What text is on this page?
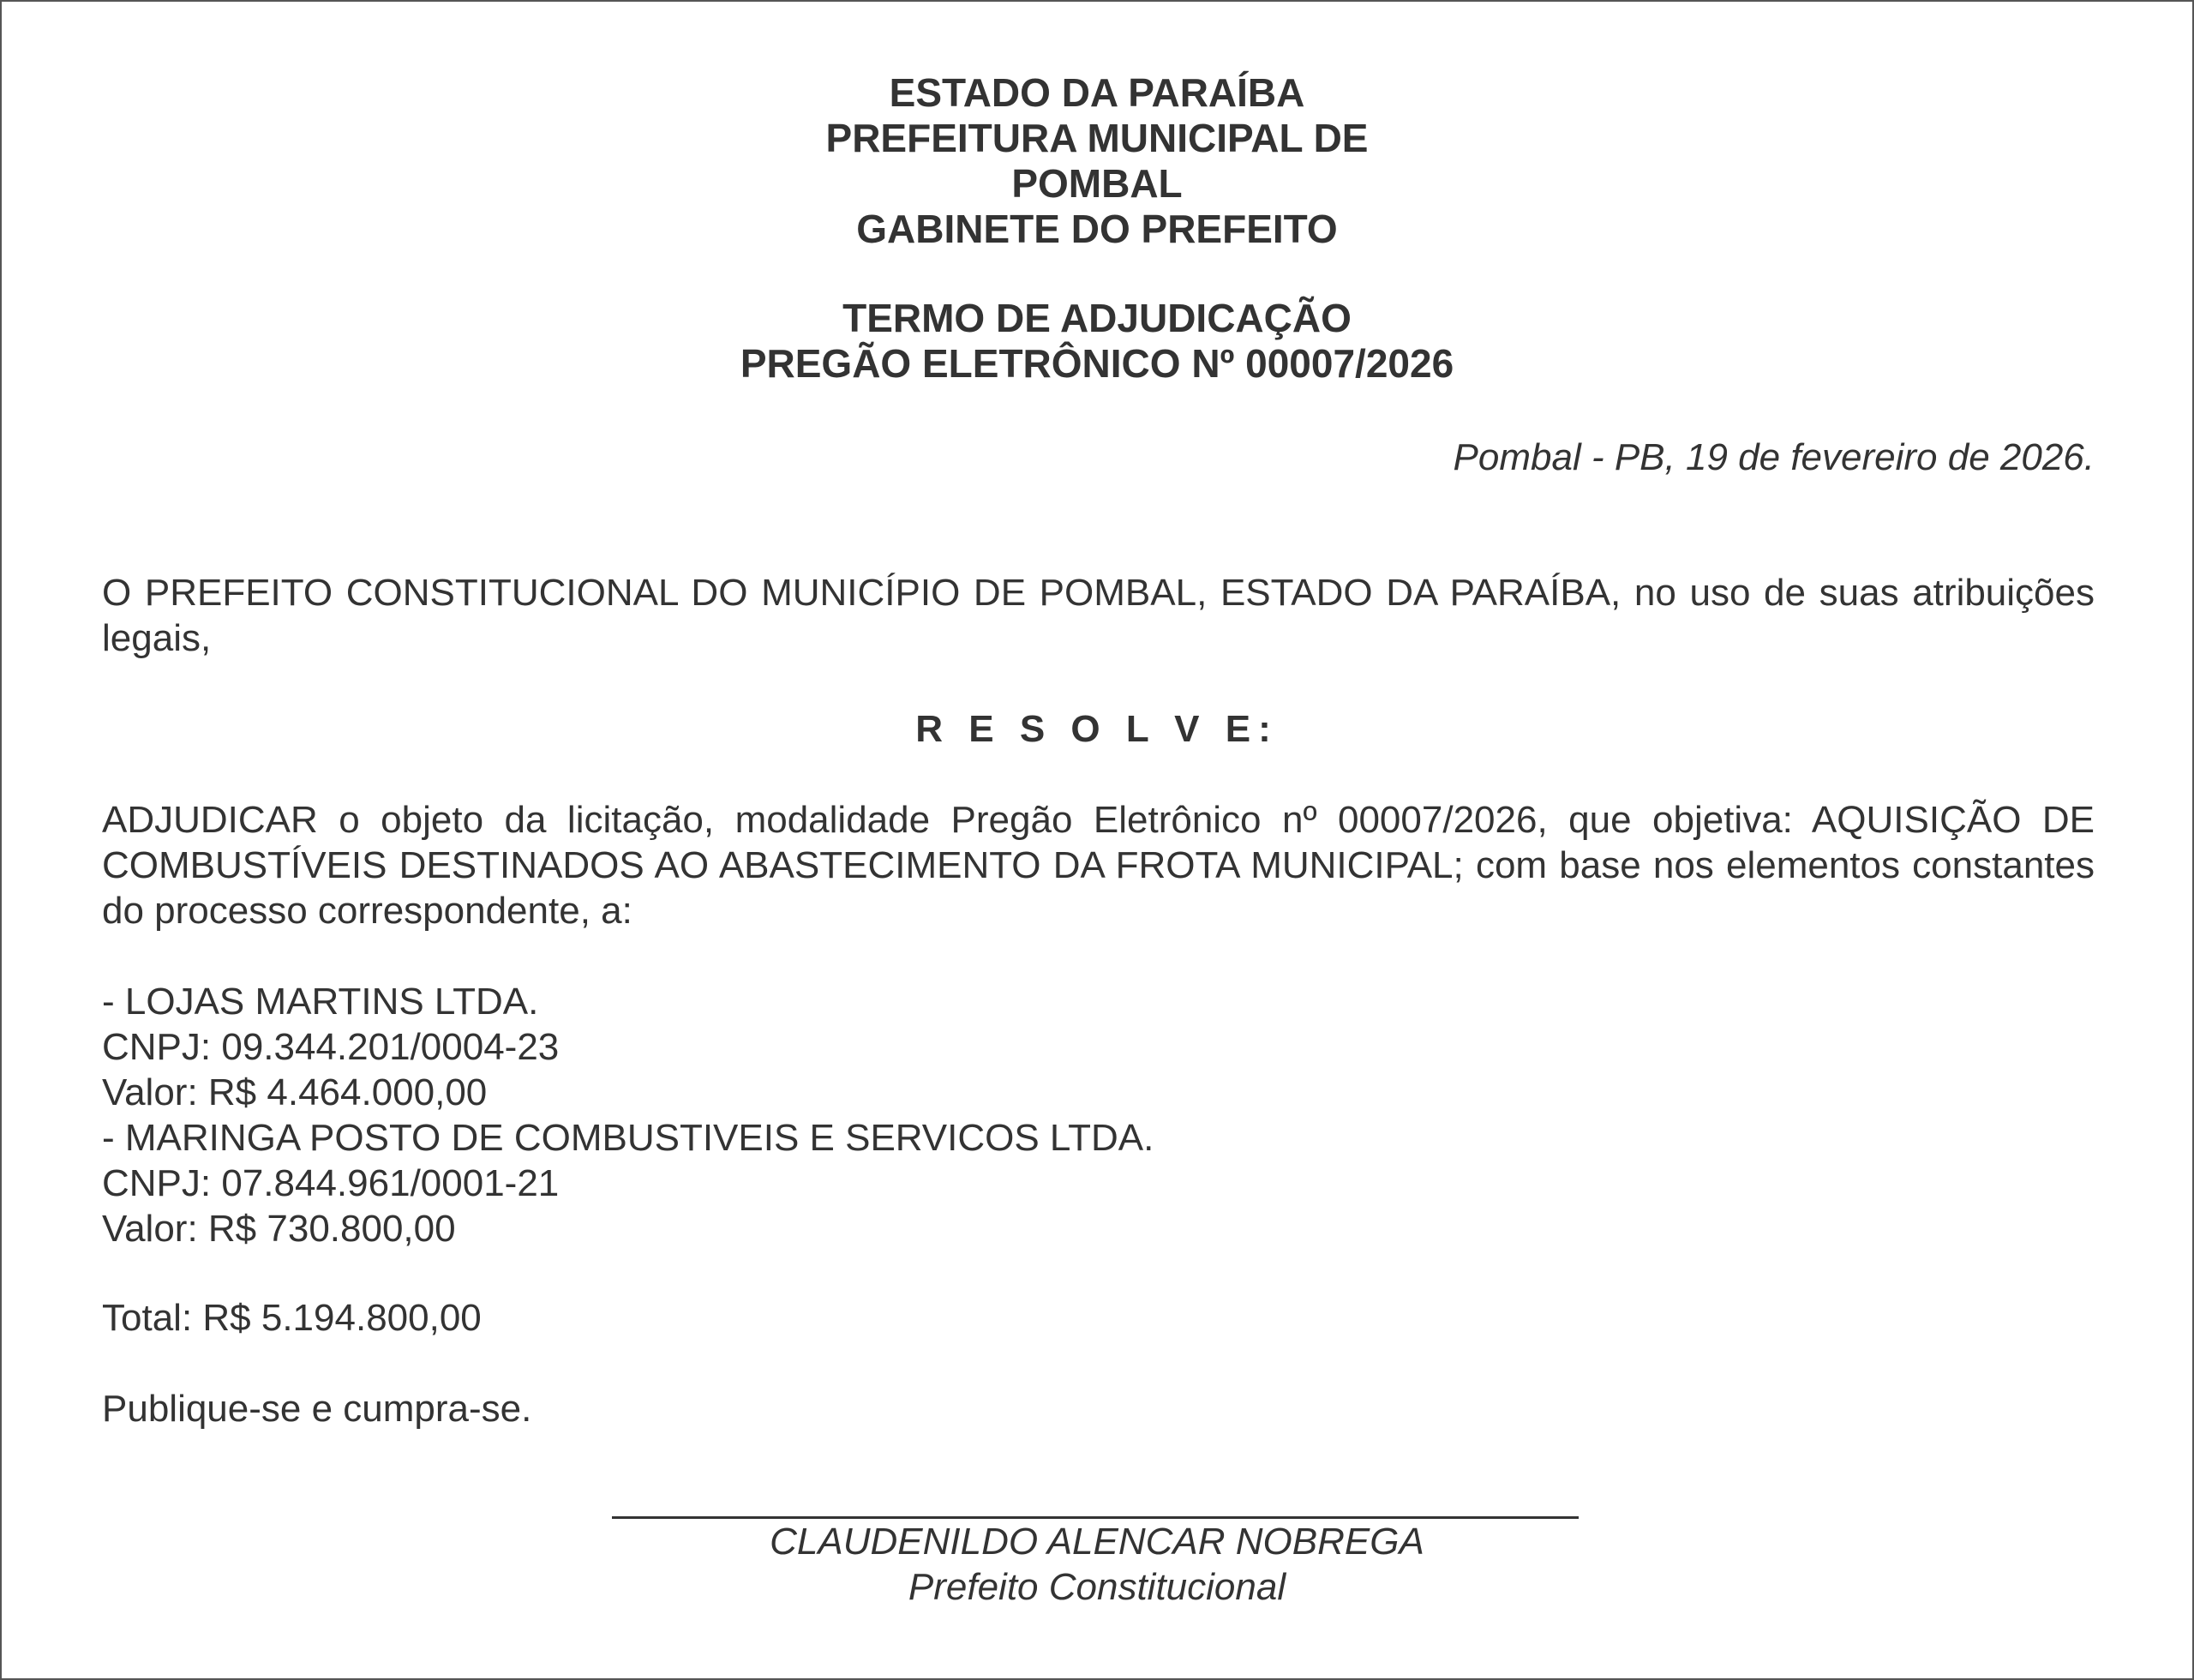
ESTADO DA PARAÍBA
PREFEITURA MUNICIPAL DE
POMBAL
GABINETE DO PREFEITO
TERMO DE ADJUDICAÇÃO
PREGÃO ELETRÔNICO Nº 00007/2026
Pombal - PB, 19 de fevereiro de 2026.
O PREFEITO CONSTITUCIONAL DO MUNICÍPIO DE POMBAL, ESTADO DA PARAÍBA, no uso de suas atribuições legais,
R E S O L V E:
ADJUDICAR o objeto da licitação, modalidade Pregão Eletrônico nº 00007/2026, que objetiva: AQUISIÇÃO DE COMBUSTÍVEIS DESTINADOS AO ABASTECIMENTO DA FROTA MUNICIPAL; com base nos elementos constantes do processo correspondente, a:
- LOJAS MARTINS LTDA.
CNPJ: 09.344.201/0004-23
Valor: R$ 4.464.000,00
- MARINGA POSTO DE COMBUSTIVEIS E SERVICOS LTDA.
CNPJ: 07.844.961/0001-21
Valor: R$ 730.800,00
Total: R$ 5.194.800,00
Publique-se e cumpra-se.
CLAUDENILDO ALENCAR NOBREGA
Prefeito Constitucional
